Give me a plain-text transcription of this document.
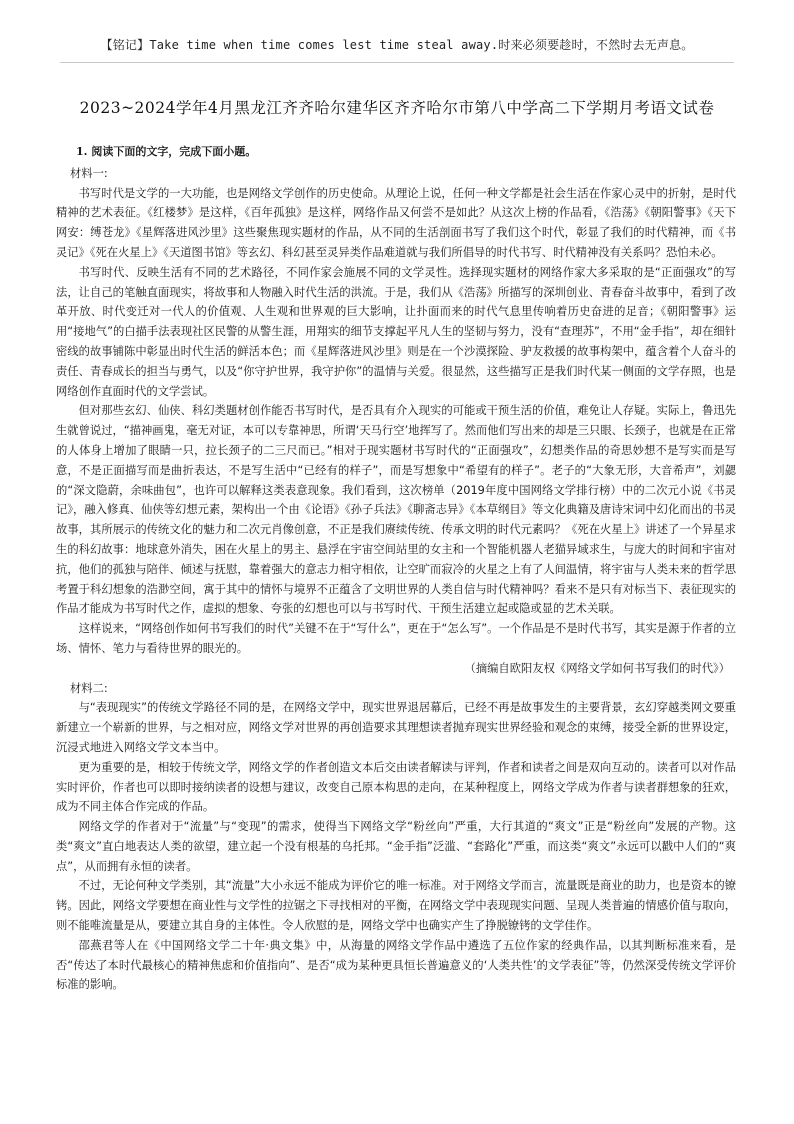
【铭记】Take time when time comes lest time steal away.时来必须要趁时，不然时去无声息。
2023~2024学年4月黑龙江齐齐哈尔建华区齐齐哈尔市第八中学高二下学期月考语文试卷

1. 阅读下面的文字，完成下面小题。

材料一:

书写时代是文学的一大功能，也是网络文学创作的历史使命。从理论上说，任何一种文学都是社会生活在作家心灵中的折射，是时代精神的艺术表征。《红楼梦》是这样，《百年孤独》是这样，网络作品又何尝不是如此？从这次上榜的作品看，《浩荡》《朝阳警事》《天下网安：缚苍龙》《星辉落进风沙里》这些聚焦现实题材的作品，从不同的生活剖面书写了我们这个时代，彰显了我们的时代精神，而《书灵记》《死在火星上》《天道图书馆》等玄幻、科幻甚至灵异类作品难道就与我们所倡导的时代书写、时代精神没有关系吗？恐怕未必。

书写时代、反映生活有不同的艺术路径，不同作家会施展不同的文学灵性。选择现实题材的网络作家大多采取的是“正面强攻”的写法，让自己的笔触直面现实，将故事和人物融入时代生活的洪流。于是，我们从《浩荡》所描写的深圳创业、青春奋斗故事中，看到了改革开放、时代变迁对一代人的价值观、人生观和世界观的巨大影响，让扑面而来的时代气息里传响着历史奋进的足音；《朝阳警事》运用“接地气”的白描手法表现社区民警的从警生涯，用翔实的细节支撑起平凡人生的坚韧与努力，没有“查理苏”，不用“金手指”，却在细针密线的故事铺陈中彰显出时代生活的鲜活本色；而《星辉落进风沙里》则是在一个沙漠探险、驴友救援的故事构架中，蕴含着个人奋斗的责任、青春成长的担当与勇气，以及“你守护世界，我守护你”的温情与关爱。很显然，这些描写正是我们时代某一侧面的文学存照，也是网络创作直面时代的文学尝试。

但对那些玄幻、仙侠、科幻类题材创作能否书写时代，是否具有介入现实的可能或干预生活的价值，难免让人存疑。实际上，鲁迅先生就曾说过，“描神画鬼，毫无对证，本可以专靠神思，所谓‘天马行空’地挥写了。然而他们写出来的却是三只眼、长颈子，也就是在正常的人体身上增加了眼睛一只，拉长颈子的二三尺而已。”相对于现实题材书写时代的“正面强攻”，幻想类作品的奇思妙想不是写实而是写意，不是正面描写而是曲折表达，不是写生活中“已经有的样子”，而是写想象中“希望有的样子”。老子的“大象无形，大音希声”，刘勰的“深文隐蔚，余味曲包”，也许可以解释这类表意现象。我们看到，这次榜单（2019年度中国网络文学排行榜）中的二次元小说《书灵记》，融入修真、仙侠等幻想元素，架构出一个由《论语》《孙子兵法》《聊斋志异》《本草纲目》等文化典籍及唐诗宋词中幻化而出的书灵故事，其所展示的传统文化的魅力和二次元肖像创意，不正是我们赓续传统、传承文明的时代元素吗？《死在火星上》讲述了一个异星求生的科幻故事：地球意外消失，困在火星上的男主、悬浮在宇宙空间站里的女主和一个智能机器人老猫异域求生，与庞大的时间和宇宙对抗，他们的孤独与陪伴、倾述与抚慰，靠着强大的意志力相守相依，让空旷而寂冷的火星之上有了人间温情，将宇宙与人类未来的哲学思考置于科幻想象的浩渺空间，寓于其中的情怀与境界不正蕴含了文明世界的人类自信与时代精神吗？看来不是只有对标当下、表征现实的作品才能成为书写时代之作，虚拟的想象、夸张的幻想也可以与书写时代、干预生活建立起或隐或显的艺术关联。

这样说来，“网络创作如何书写我们的时代”关键不在于“写什么”，更在于“怎么写”。一个作品是不是时代书写，其实是源于作者的立场、情怀、笔力与看待世界的眼光的。

（摘编自欧阳友权《网络文学如何书写我们的时代》）

材料二:

与“表现现实”的传统文学路径不同的是，在网络文学中，现实世界退居幕后，已经不再是故事发生的主要背景，玄幻穿越类网文要重新建立一个崭新的世界，与之相对应，网络文学对世界的再创造要求其理想读者抛弃现实世界经验和观念的束缚，接受全新的世界设定，沉浸式地进入网络文学文本当中。

更为重要的是，相较于传统文学，网络文学的作者创造文本后交由读者解读与评判，作者和读者之间是双向互动的。读者可以对作品实时评价，作者也可以即时接纳读者的设想与建议，改变自己原本构思的走向，在某种程度上，网络文学成为作者与读者群想象的狂欢，成为不同主体合作完成的作品。

网络文学的作者对于“流量”与“变现”的需求，使得当下网络文学“粉丝向”严重，大行其道的“爽文”正是“粉丝向”发展的产物。这类“爽文”直白地表达人类的欲望，建立起一个没有根基的乌托邦。“金手指”泛滥、“套路化”严重，而这类“爽文”永远可以戳中人们的“爽点”，从而拥有永恒的读者。

不过，无论何种文学类别，其“流量”大小永远不能成为评价它的唯一标准。对于网络文学而言，流量既是商业的助力，也是资本的镣铐。因此，网络文学要想在商业性与文学性的拉锯之下寻找相对的平衡，在网络文学中表现现实问题、呈现人类普遍的情感价值与取向，则不能唯流量是从，要建立其自身的主体性。令人欣慰的是，网络文学中也确实产生了挣脱镣铐的文学佳作。

邵燕君等人在《中国网络文学二十年·典文集》中，从海量的网络文学作品中遴选了五位作家的经典作品，以其判断标准来看，是否“传达了本时代最核心的精神焦虑和价值指向”、是否“成为某种更具恒长普遍意义的‘人类共性’的文学表征”等，仍然深受传统文学评价标准的影响。
